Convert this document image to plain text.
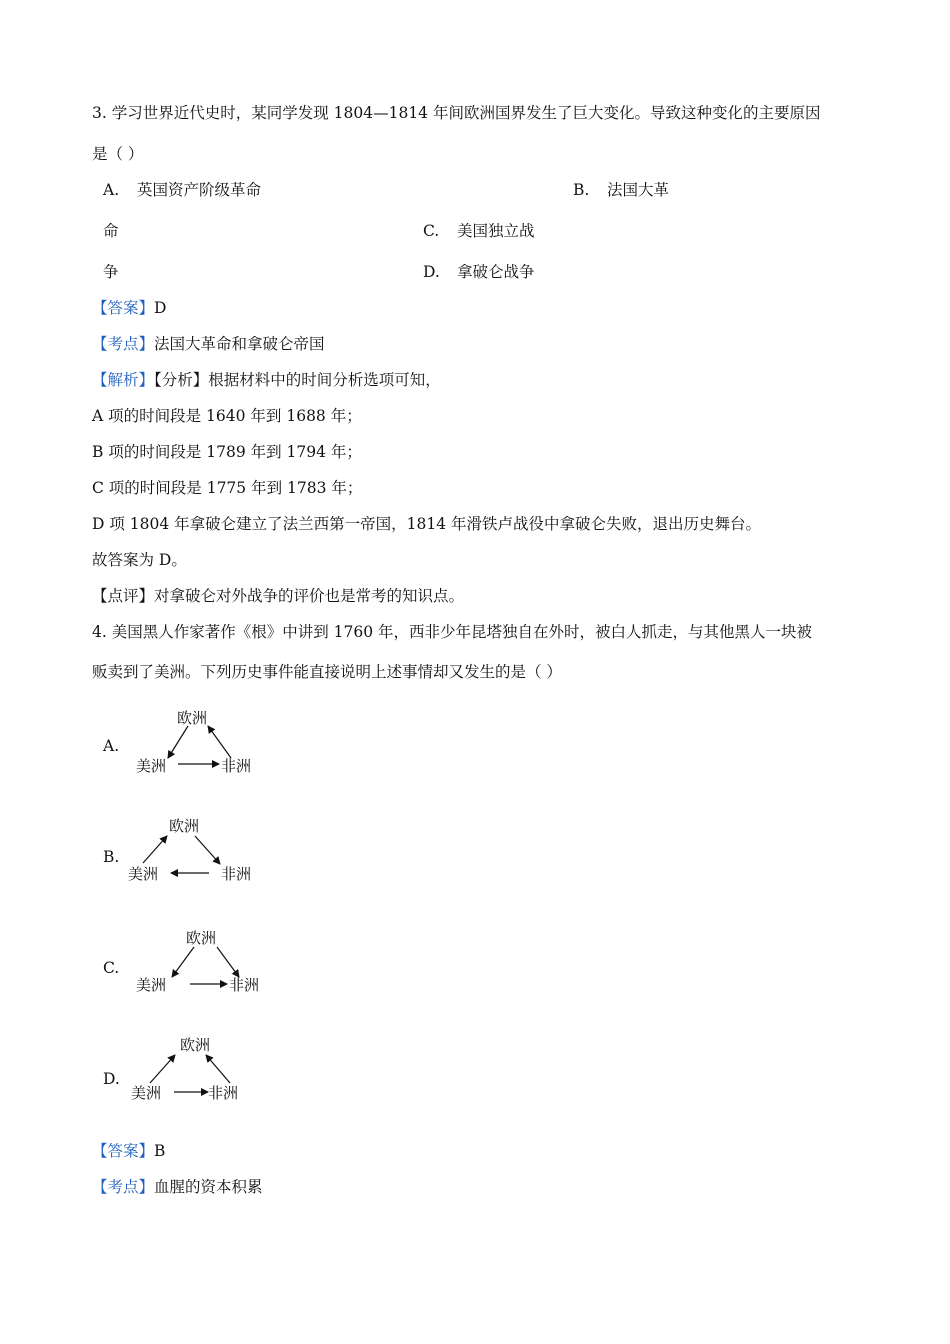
3. 学习世界近代史时，某同学发现 1804—1814 年间欧洲国界发生了巨大变化。导致这种变化的主要原因
是（ ）
A. 英国资产阶级革命	B. 法国大革
命	C. 美国独立战
争	D. 拿破仑战争
【答案】D
【考点】法国大革命和拿破仑帝国
【解析】【分析】根据材料中的时间分析选项可知，
A 项的时间段是 1640 年到 1688 年；
B 项的时间段是 1789 年到 1794 年；
C 项的时间段是 1775 年到 1783 年；
D 项 1804 年拿破仑建立了法兰西第一帝国，1814 年滑铁卢战役中拿破仑失败，退出历史舞台。
故答案为 D。
【点评】对拿破仑对外战争的评价也是常考的知识点。
4. 美国黑人作家著作《根》中讲到 1760 年，西非少年昆塔独自在外时，被白人抓走，与其他黑人一块被
贩卖到了美洲。下列历史事件能直接说明上述事情却又发生的是（ ）
A.
欧洲
美洲	非洲
B.
欧洲
美洲	非洲
C.
欧洲
美洲	非洲
D.
欧洲
美洲	非洲
【答案】B
【考点】血腥的资本积累
